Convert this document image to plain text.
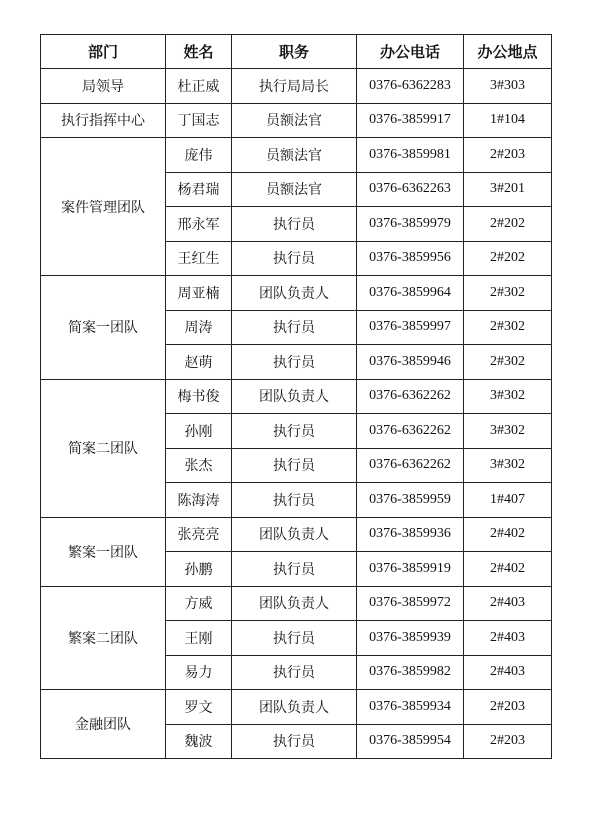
部门	姓名	职务	办公电话	办公地点
局领导	杜正威	执行局局长	0376-6362283	3#303
执行指挥中心	丁国志	员额法官	0376-3859917	1#104
案件管理团队	庞伟	员额法官	0376-3859981	2#203
	杨君瑞	员额法官	0376-6362263	3#201
	邢永军	执行员	0376-3859979	2#202
	王红生	执行员	0376-3859956	2#202
简案一团队	周亚楠	团队负责人	0376-3859964	2#302
	周涛	执行员	0376-3859997	2#302
	赵萌	执行员	0376-3859946	2#302
简案二团队	梅书俊	团队负责人	0376-6362262	3#302
	孙刚	执行员	0376-6362262	3#302
	张杰	执行员	0376-6362262	3#302
	陈海涛	执行员	0376-3859959	1#407
繁案一团队	张亮亮	团队负责人	0376-3859936	2#402
	孙鹏	执行员	0376-3859919	2#402
繁案二团队	方威	团队负责人	0376-3859972	2#403
	王刚	执行员	0376-3859939	2#403
	易力	执行员	0376-3859982	2#403
金融团队	罗文	团队负责人	0376-3859934	2#203
	魏波	执行员	0376-3859954	2#203
